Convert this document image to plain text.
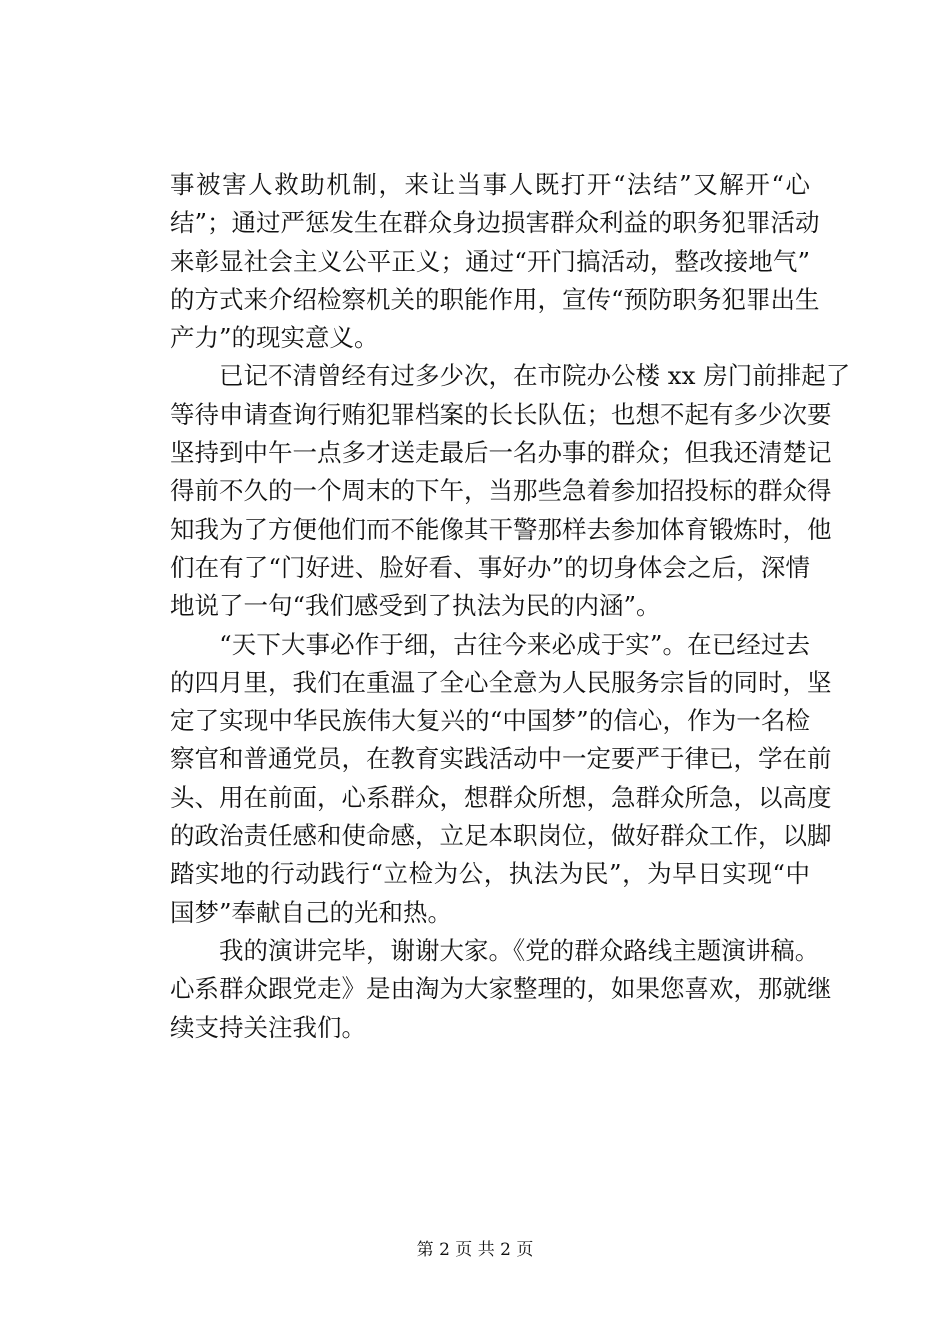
事被害人救助机制，来让当事人既打开“法结”又解开“心
结”；通过严惩发生在群众身边损害群众利益的职务犯罪活动
来彰显社会主义公平正义；通过“开门搞活动，整改接地气”
的方式来介绍检察机关的职能作用，宣传“预防职务犯罪出生
产力”的现实意义。
　　已记不清曾经有过多少次，在市院办公楼 xx 房门前排起了
等待申请查询行贿犯罪档案的长长队伍；也想不起有多少次要
坚持到中午一点多才送走最后一名办事的群众；但我还清楚记
得前不久的一个周末的下午，当那些急着参加招投标的群众得
知我为了方便他们而不能像其干警那样去参加体育锻炼时，他
们在有了“门好进、脸好看、事好办”的切身体会之后，深情
地说了一句“我们感受到了执法为民的内涵”。
　　“天下大事必作于细，古往今来必成于实”。在已经过去
的四月里，我们在重温了全心全意为人民服务宗旨的同时，坚
定了实现中华民族伟大复兴的“中国梦”的信心，作为一名检
察官和普通党员，在教育实践活动中一定要严于律已，学在前
头、用在前面，心系群众，想群众所想，急群众所急，以高度
的政治责任感和使命感，立足本职岗位，做好群众工作，以脚
踏实地的行动践行“立检为公，执法为民”，为早日实现“中
国梦”奉献自己的光和热。
　　我的演讲完毕，谢谢大家。《党的群众路线主题演讲稿。
心系群众跟党走》是由淘为大家整理的，如果您喜欢，那就继
续支持关注我们。
第 2 页 共 2 页
